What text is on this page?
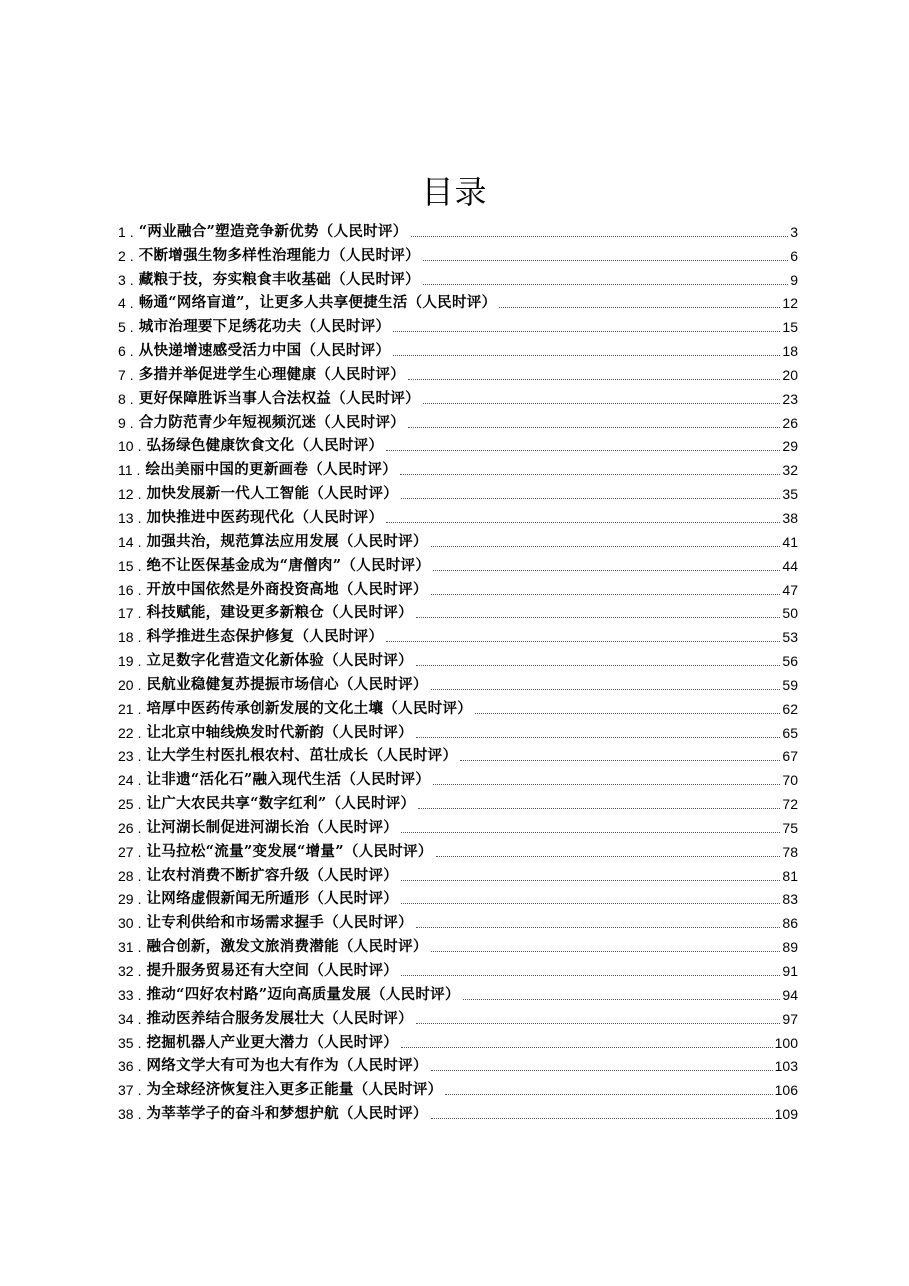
目录
1 . “两业融合”塑造竞争新优势（人民时评）	3
2 . 不断增强生物多样性治理能力（人民时评）	6
3 . 藏粮于技，夯实粮食丰收基础（人民时评）	9
4 . 畅通“网络盲道”，让更多人共享便捷生活（人民时评）	12
5 . 城市治理要下足绣花功夫（人民时评）	15
6 . 从快递增速感受活力中国（人民时评）	18
7 . 多措并举促进学生心理健康（人民时评）	20
8 . 更好保障胜诉当事人合法权益（人民时评）	23
9 . 合力防范青少年短视频沉迷（人民时评）	26
10 . 弘扬绿色健康饮食文化（人民时评）	29
11 . 绘出美丽中国的更新画卷（人民时评）	32
12 . 加快发展新一代人工智能（人民时评）	35
13 . 加快推进中医药现代化（人民时评）	38
14 . 加强共治，规范算法应用发展（人民时评）	41
15 . 绝不让医保基金成为“唐僧肉”（人民时评）	44
16 . 开放中国依然是外商投资高地（人民时评）	47
17 . 科技赋能，建设更多新粮仓（人民时评）	50
18 . 科学推进生态保护修复（人民时评）	53
19 . 立足数字化营造文化新体验（人民时评）	56
20 . 民航业稳健复苏提振市场信心（人民时评）	59
21 . 培厚中医药传承创新发展的文化土壤（人民时评）	62
22 . 让北京中轴线焕发时代新韵（人民时评）	65
23 . 让大学生村医扎根农村、茁壮成长（人民时评）	67
24 . 让非遗“活化石”融入现代生活（人民时评）	70
25 . 让广大农民共享“数字红利”（人民时评）	72
26 . 让河湖长制促进河湖长治（人民时评）	75
27 . 让马拉松“流量”变发展“增量”（人民时评）	78
28 . 让农村消费不断扩容升级（人民时评）	81
29 . 让网络虚假新闻无所遁形（人民时评）	83
30 . 让专利供给和市场需求握手（人民时评）	86
31 . 融合创新，激发文旅消费潜能（人民时评）	89
32 . 提升服务贸易还有大空间（人民时评）	91
33 . 推动“四好农村路”迈向高质量发展（人民时评）	94
34 . 推动医养结合服务发展壮大（人民时评）	97
35 . 挖掘机器人产业更大潜力（人民时评）	100
36 . 网络文学大有可为也大有作为（人民时评）	103
37 . 为全球经济恢复注入更多正能量（人民时评）	106
38 . 为莘莘学子的奋斗和梦想护航（人民时评）	109
